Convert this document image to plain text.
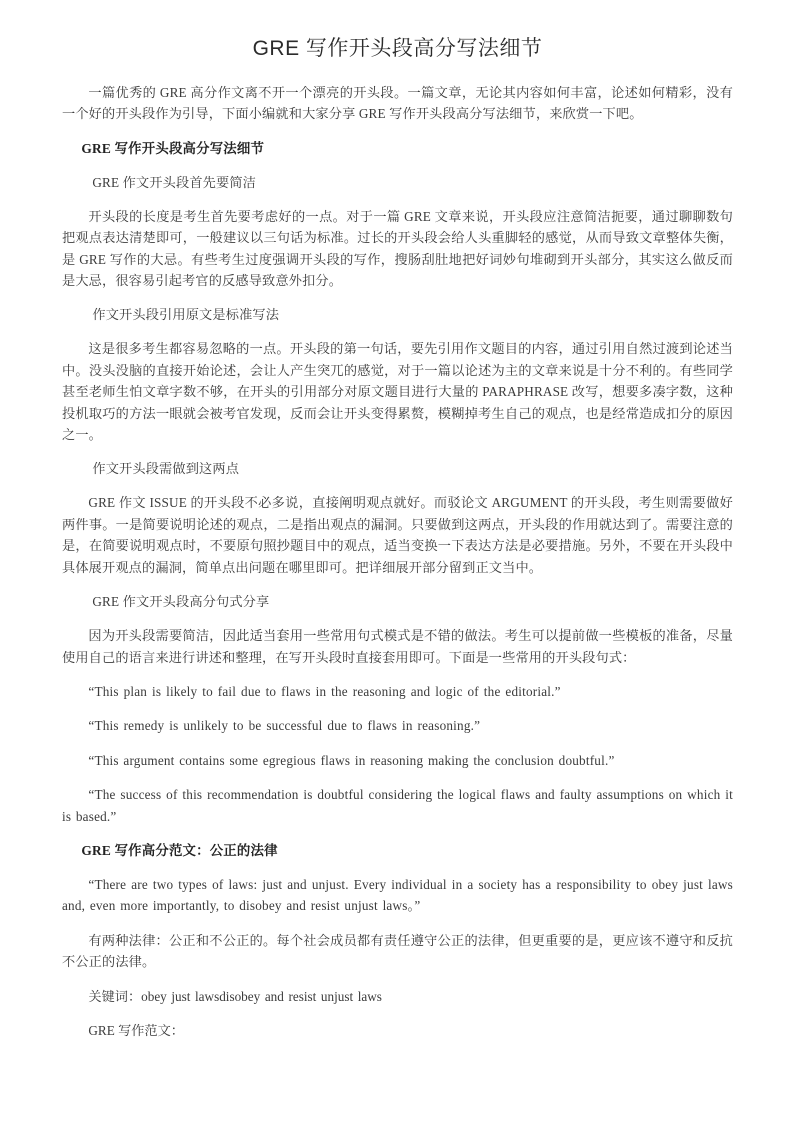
GRE 写作开头段高分写法细节

一篇优秀的 GRE 高分作文离不开一个漂亮的开头段。一篇文章，无论其内容如何丰富，论述如何精彩，没有一个好的开头段作为引导，下面小编就和大家分享 GRE 写作开头段高分写法细节，来欣赏一下吧。

GRE 写作开头段高分写法细节

GRE 作文开头段首先要简洁

开头段的长度是考生首先要考虑好的一点。对于一篇 GRE 文章来说，开头段应注意简洁扼要，通过聊聊数句把观点表达清楚即可，一般建议以三句话为标准。过长的开头段会给人头重脚轻的感觉，从而导致文章整体失衡，是 GRE 写作的大忌。有些考生过度强调开头段的写作，搜肠刮肚地把好词妙句堆砌到开头部分，其实这么做反而是大忌，很容易引起考官的反感导致意外扣分。

作文开头段引用原文是标准写法

这是很多考生都容易忽略的一点。开头段的第一句话，要先引用作文题目的内容，通过引用自然过渡到论述当中。没头没脑的直接开始论述，会让人产生突兀的感觉，对于一篇以论述为主的文章来说是十分不利的。有些同学甚至老师生怕文章字数不够，在开头的引用部分对原文题目进行大量的 PARAPHRASE 改写，想要多凑字数，这种投机取巧的方法一眼就会被考官发现，反而会让开头变得累赘，模糊掉考生自己的观点，也是经常造成扣分的原因之一。

作文开头段需做到这两点

GRE 作文 ISSUE 的开头段不必多说，直接阐明观点就好。而驳论文 ARGUMENT 的开头段，考生则需要做好两件事。一是简要说明论述的观点，二是指出观点的漏洞。只要做到这两点，开头段的作用就达到了。需要注意的是，在简要说明观点时，不要原句照抄题目中的观点，适当变换一下表达方法是必要措施。另外，不要在开头段中具体展开观点的漏洞，简单点出问题在哪里即可。把详细展开部分留到正文当中。

GRE 作文开头段高分句式分享

因为开头段需要简洁，因此适当套用一些常用句式模式是不错的做法。考生可以提前做一些模板的准备，尽量使用自己的语言来进行讲述和整理，在写开头段时直接套用即可。下面是一些常用的开头段句式：

“This plan is likely to fail due to flaws in the reasoning and logic of the editorial.”

“This remedy is unlikely to be successful due to flaws in reasoning.”

“This argument contains some egregious flaws in reasoning making the conclusion doubtful.”

“The success of this recommendation is doubtful considering the logical flaws and faulty assumptions on which it is based.”

GRE 写作高分范文：公正的法律

“There are two types of laws: just and unjust. Every individual in a society has a responsibility to obey just laws and, even more importantly, to disobey and resist unjust laws。”

有两种法律：公正和不公正的。每个社会成员都有责任遵守公正的法律，但更重要的是，更应该不遵守和反抗不公正的法律。

关键词：obey just lawsdisobey and resist unjust laws

GRE 写作范文：
